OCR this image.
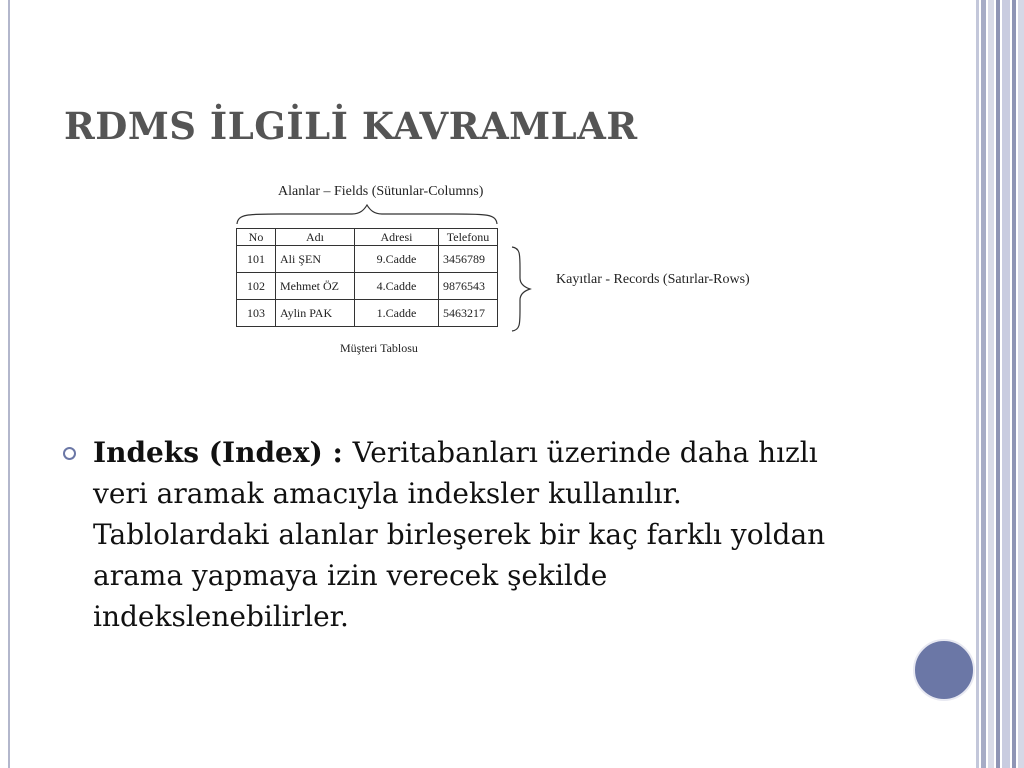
RDMS İLGİLİ KAVRAMLAR
Alanlar – Fields (Sütunlar-Columns)
No	Adı	Adresi	Telefonu
101	Ali ŞEN	9.Cadde	3456789
102	Mehmet ÖZ	4.Cadde	9876543
103	Aylin PAK	1.Cadde	5463217
Kayıtlar - Records (Satırlar-Rows)
Müşteri Tablosu
Indeks (Index) : Veritabanları üzerinde daha hızlı veri aramak amacıyla indeksler kullanılır. Tablolardaki alanlar birleşerek bir kaç farklı yoldan arama yapmaya izin verecek şekilde indekslenebilirler.
